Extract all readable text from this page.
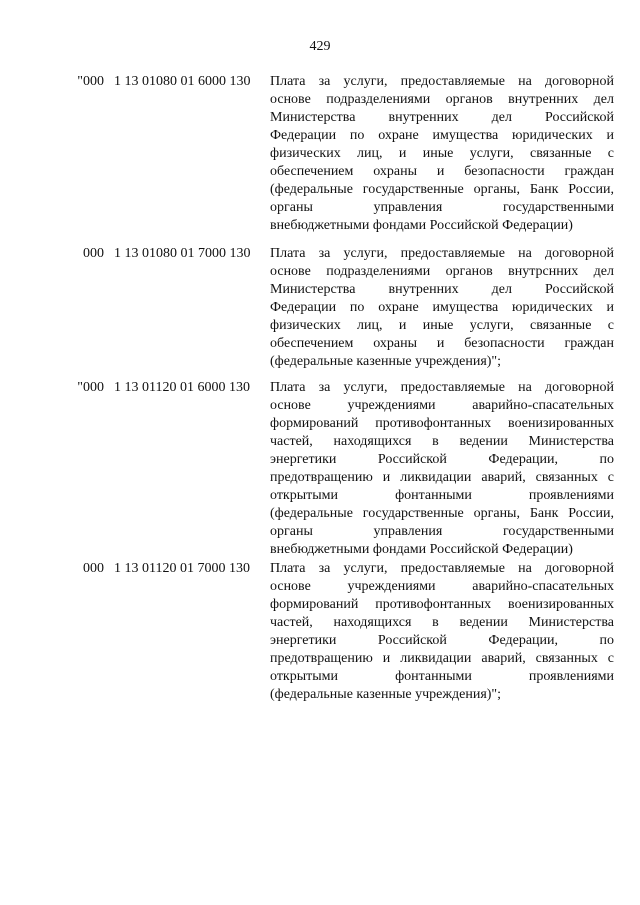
429
"000 1 13 01080 01 6000 130 Плата за услуги, предоставляемые на договорной
основе подразделениями органов внутренних дел
Министерства внутренних дел Российской
Федерации по охране имущества юридических и
физических лиц, и иные услуги, связанные с
обеспечением охраны и безопасности граждан
(федеральные государственные органы, Банк России,
органы управления государственными
внебюджетными фондами Российской Федерации)
000 1 13 01080 01 7000 130 Плата за услуги, предоставляемые на договорной
основе подразделениями органов внутрснних дел
Министерства внутренних дел Российской
Федерации по охране имущества юридических и
физических лиц, и иные услуги, связанные с
обеспечением охраны и безопасности граждан
(федеральные казенные учреждения)";
"000 1 13 01120 01 6000 130 Плата за услуги, предоставляемые на договорной
основе учреждениями аварийно-спасательных
формирований противофонтанных военизированных
частей, находящихся в ведении Министерства
энергетики Российской Федерации, по
предотвращению и ликвидации аварий, связанных с
открытыми фонтанными проявлениями
(федеральные государственные органы, Банк России,
органы управления государственными
внебюджетными фондами Российской Федерации)
000 1 13 01120 01 7000 130 Плата за услуги, предоставляемые на договорной
основе учреждениями аварийно-спасательных
формирований противофонтанных военизированных
частей, находящихся в ведении Министерства
энергетики Российской Федерации, по
предотвращению и ликвидации аварий, связанных с
открытыми фонтанными проявлениями
(федеральные казенные учреждения)";
